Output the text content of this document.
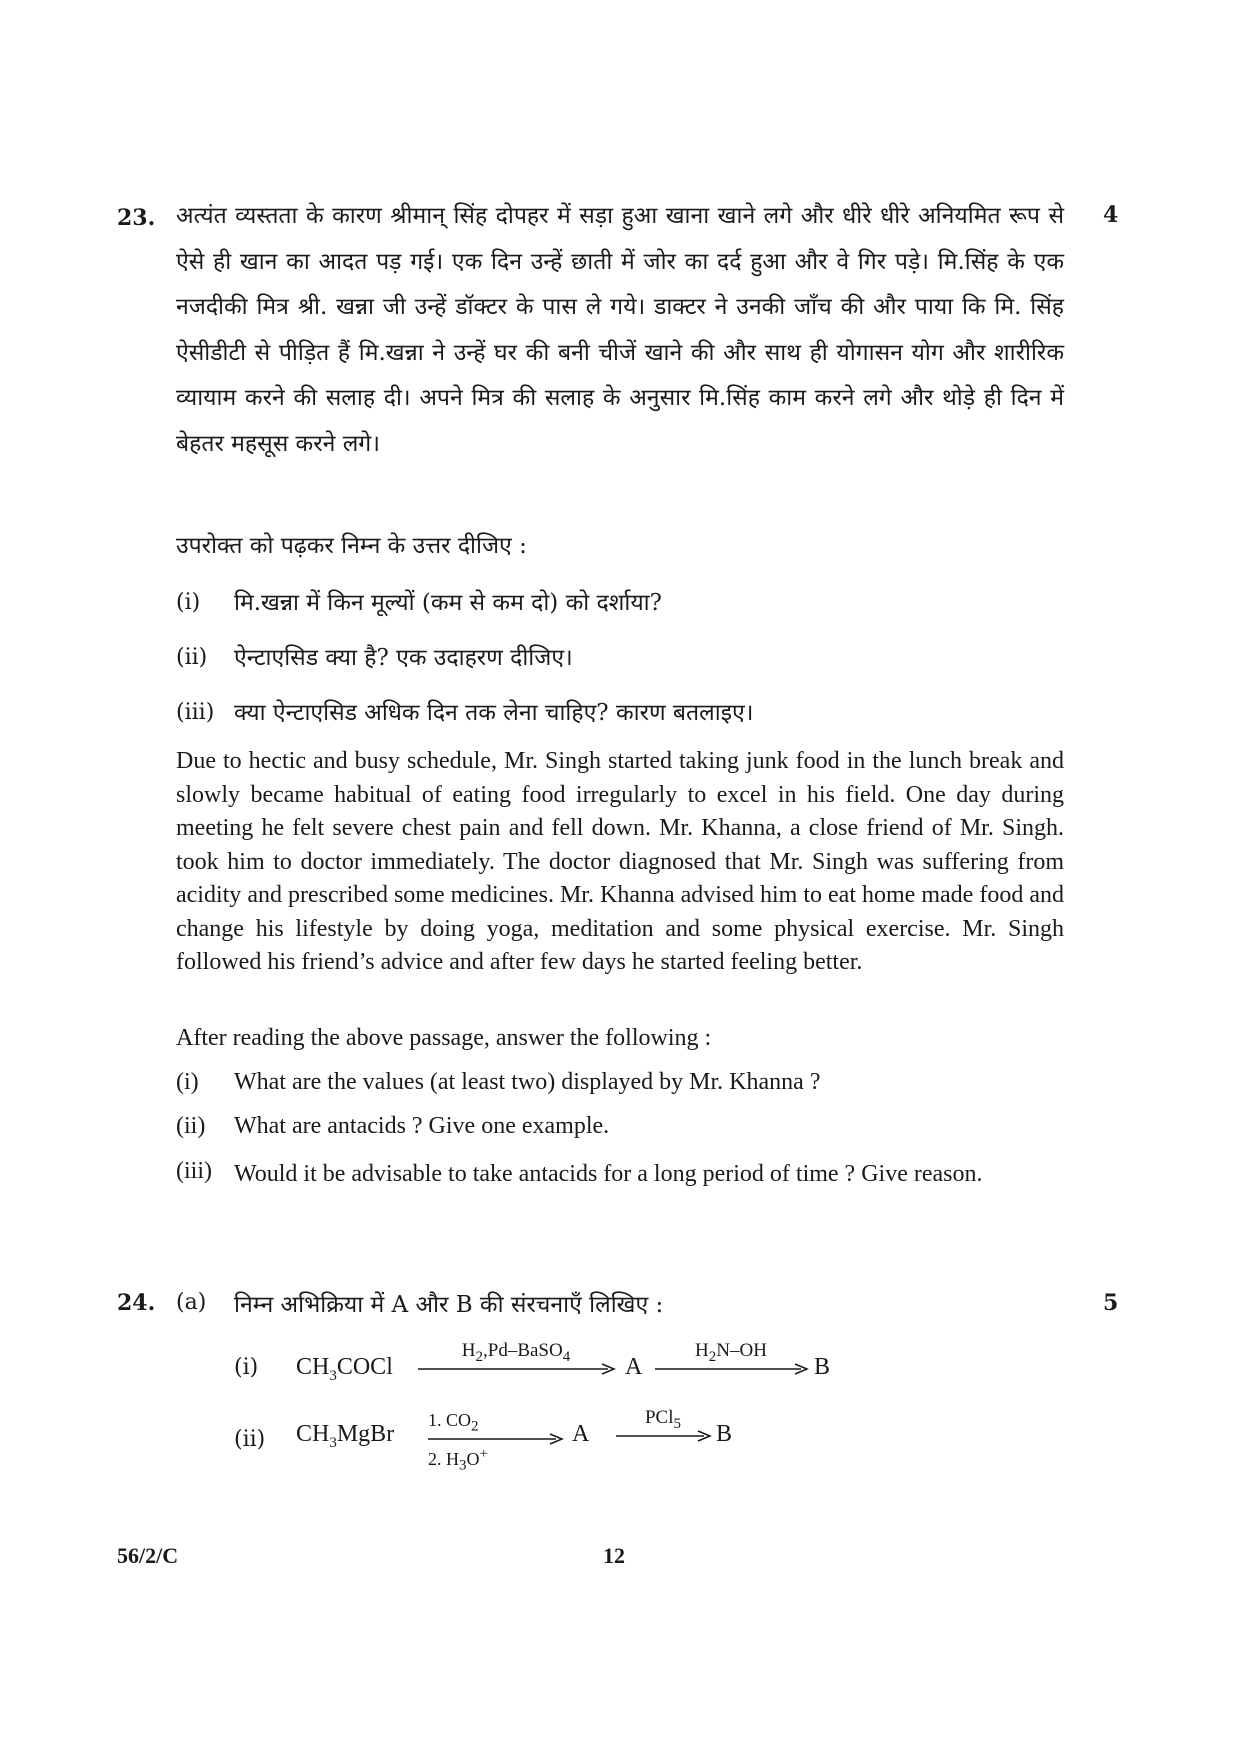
23.	4
अत्यंत व्यस्तता के कारण श्रीमान् सिंह दोपहर में सड़ा हुआ खाना खाने लगे और धीरे धीरे अनियमित रूप से ऐसे ही खान का आदत पड़ गई। एक दिन उन्हें छाती में जोर का दर्द हुआ और वे गिर पड़े। मि.सिंह के एक नजदीकी मित्र श्री. खन्ना जी उन्हें डॉक्टर के पास ले गये। डाक्टर ने उनकी जाँच की और पाया कि मि. सिंह ऐसीडीटी से पीड़ित हैं मि.खन्ना ने उन्हें घर की बनी चीजें खाने की और साथ ही योगासन योग और शारीरिक व्यायाम करने की सलाह दी। अपने मित्र की सलाह के अनुसार मि.सिंह काम करने लगे और थोड़े ही दिन में बेहतर महसूस करने लगे।
उपरोक्त को पढ़कर निम्न के उत्तर दीजिए :
(i) मि.खन्ना में किन मूल्यों (कम से कम दो) को दर्शाया?
(ii) ऐन्टाएसिड क्या है? एक उदाहरण दीजिए।
(iii) क्या ऐन्टाएसिड अधिक दिन तक लेना चाहिए? कारण बतलाइए।
Due to hectic and busy schedule, Mr. Singh started taking junk food in the lunch break and slowly became habitual of eating food irregularly to excel in his field. One day during meeting he felt severe chest pain and fell down. Mr. Khanna, a close friend of Mr. Singh. took him to doctor immediately. The doctor diagnosed that Mr. Singh was suffering from acidity and prescribed some medicines. Mr. Khanna advised him to eat home made food and change his lifestyle by doing yoga, meditation and some physical exercise. Mr. Singh followed his friend’s advice and after few days he started feeling better.
After reading the above passage, answer the following :
(i) What are the values (at least two) displayed by Mr. Khanna ?
(ii) What are antacids ? Give one example.
(iii) Would it be advisable to take antacids for a long period of time ? Give reason.
24. (a) निम्न अभिक्रिया में A और B की संरचनाएँ लिखिए :	5
(i) $CH_3COCl$
$H_2,Pd-BaSO_4$	A
$H_2N-OH$
B
(ii) $CH_3MgBr$
1. $CO_2$
2. $H_3O^+$
A
PCl$_5$	B
56/2/C	12
